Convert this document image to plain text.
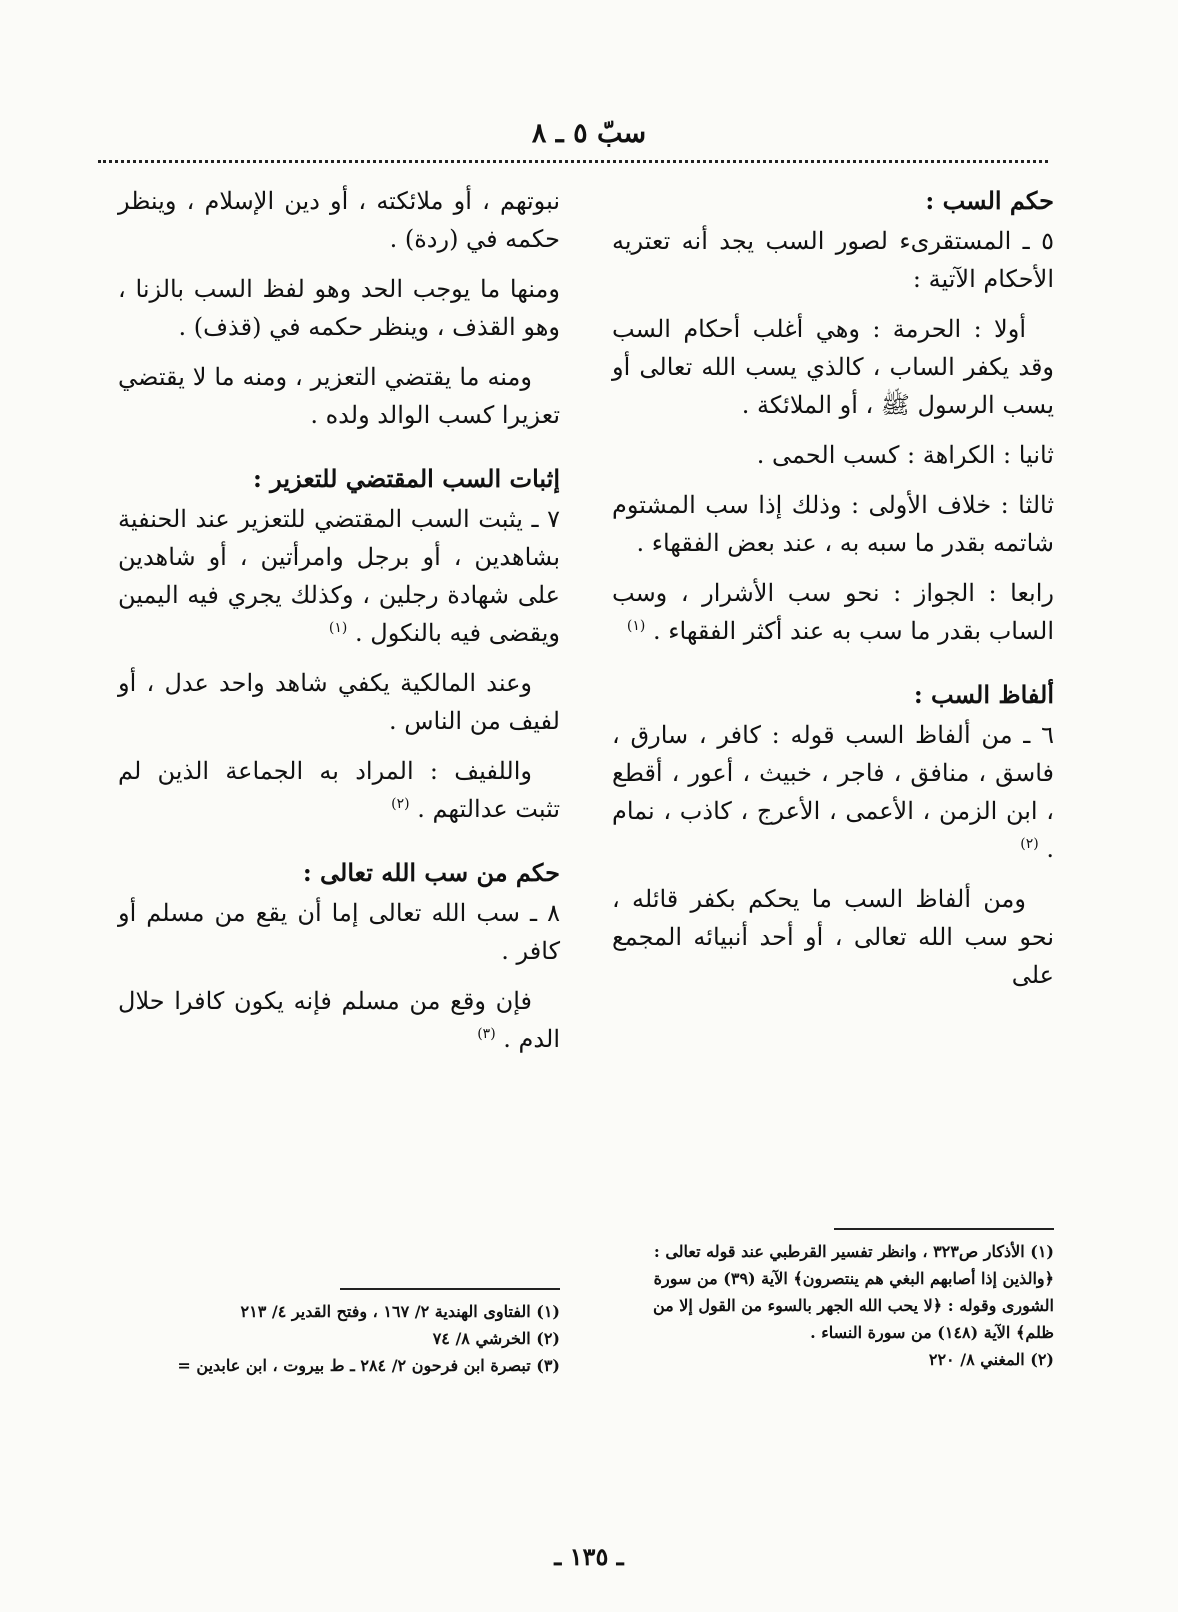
سبّ ٥ ـ ٨

حكم السب :

٥ ـ المستقرىء لصور السب يجد أنه تعتريه الأحكام الآتية :

أولا : الحرمة : وهي أغلب أحكام السب وقد يكفر الساب ، كالذي يسب الله تعالى أو يسب الرسول ﷺ ، أو الملائكة .

ثانيا : الكراهة : كسب الحمى .

ثالثا : خلاف الأولى : وذلك إذا سب المشتوم شاتمه بقدر ما سبه به ، عند بعض الفقهاء .

رابعا : الجواز : نحو سب الأشرار ، وسب الساب بقدر ما سب به عند أكثر الفقهاء . $^{(١)}$

ألفاظ السب :

٦ ـ من ألفاظ السب قوله : كافر ، سارق ، فاسق ، منافق ، فاجر ، خبيث ، أعور ، أقطع ، ابن الزمن ، الأعمى ، الأعرج ، كاذب ، نمام . $^{(٢)}$

ومن ألفاظ السب ما يحكم بكفر قائله ، نحو سب الله تعالى ، أو أحد أنبيائه المجمع على

نبوتهم ، أو ملائكته ، أو دين الإسلام ، وينظر حكمه في (ردة) .

ومنها ما يوجب الحد وهو لفظ السب بالزنا ، وهو القذف ، وينظر حكمه في (قذف) .

ومنه ما يقتضي التعزير ، ومنه ما لا يقتضي تعزيرا كسب الوالد ولده .

إثبات السب المقتضي للتعزير :

٧ ـ يثبت السب المقتضي للتعزير عند الحنفية بشاهدين ، أو برجل وامرأتين ، أو شاهدين على شهادة رجلين ، وكذلك يجري فيه اليمين ويقضى فيه بالنكول . $^{(١)}$

وعند المالكية يكفي شاهد واحد عدل ، أو لفيف من الناس .

واللفيف : المراد به الجماعة الذين لم تثبت عدالتهم . $^{(٢)}$

حكم من سب الله تعالى :

٨ ـ سب الله تعالى إما أن يقع من مسلم أو كافر .

فإن وقع من مسلم فإنه يكون كافرا حلال الدم . $^{(٣)}$

(١) الأذكار ص٣٢٣ ، وانظر تفسير القرطبي عند قوله تعالى : ﴿والذين إذا أصابهم البغي هم ينتصرون﴾ الآية (٣٩) من سورة الشورى وقوله : ﴿لا يحب الله الجهر بالسوء من القول إلا من ظلم﴾ الآية (١٤٨) من سورة النساء .

(٢) المغني ٨/ ٢٢٠

(١) الفتاوى الهندية ٢/ ١٦٧ ، وفتح القدير ٤/ ٢١٣

(٢) الخرشي ٨/ ٧٤

(٣) تبصرة ابن فرحون ٢/ ٢٨٤ ـ ط بيروت ، ابن عابدين =

ـ ١٣٥ ـ
